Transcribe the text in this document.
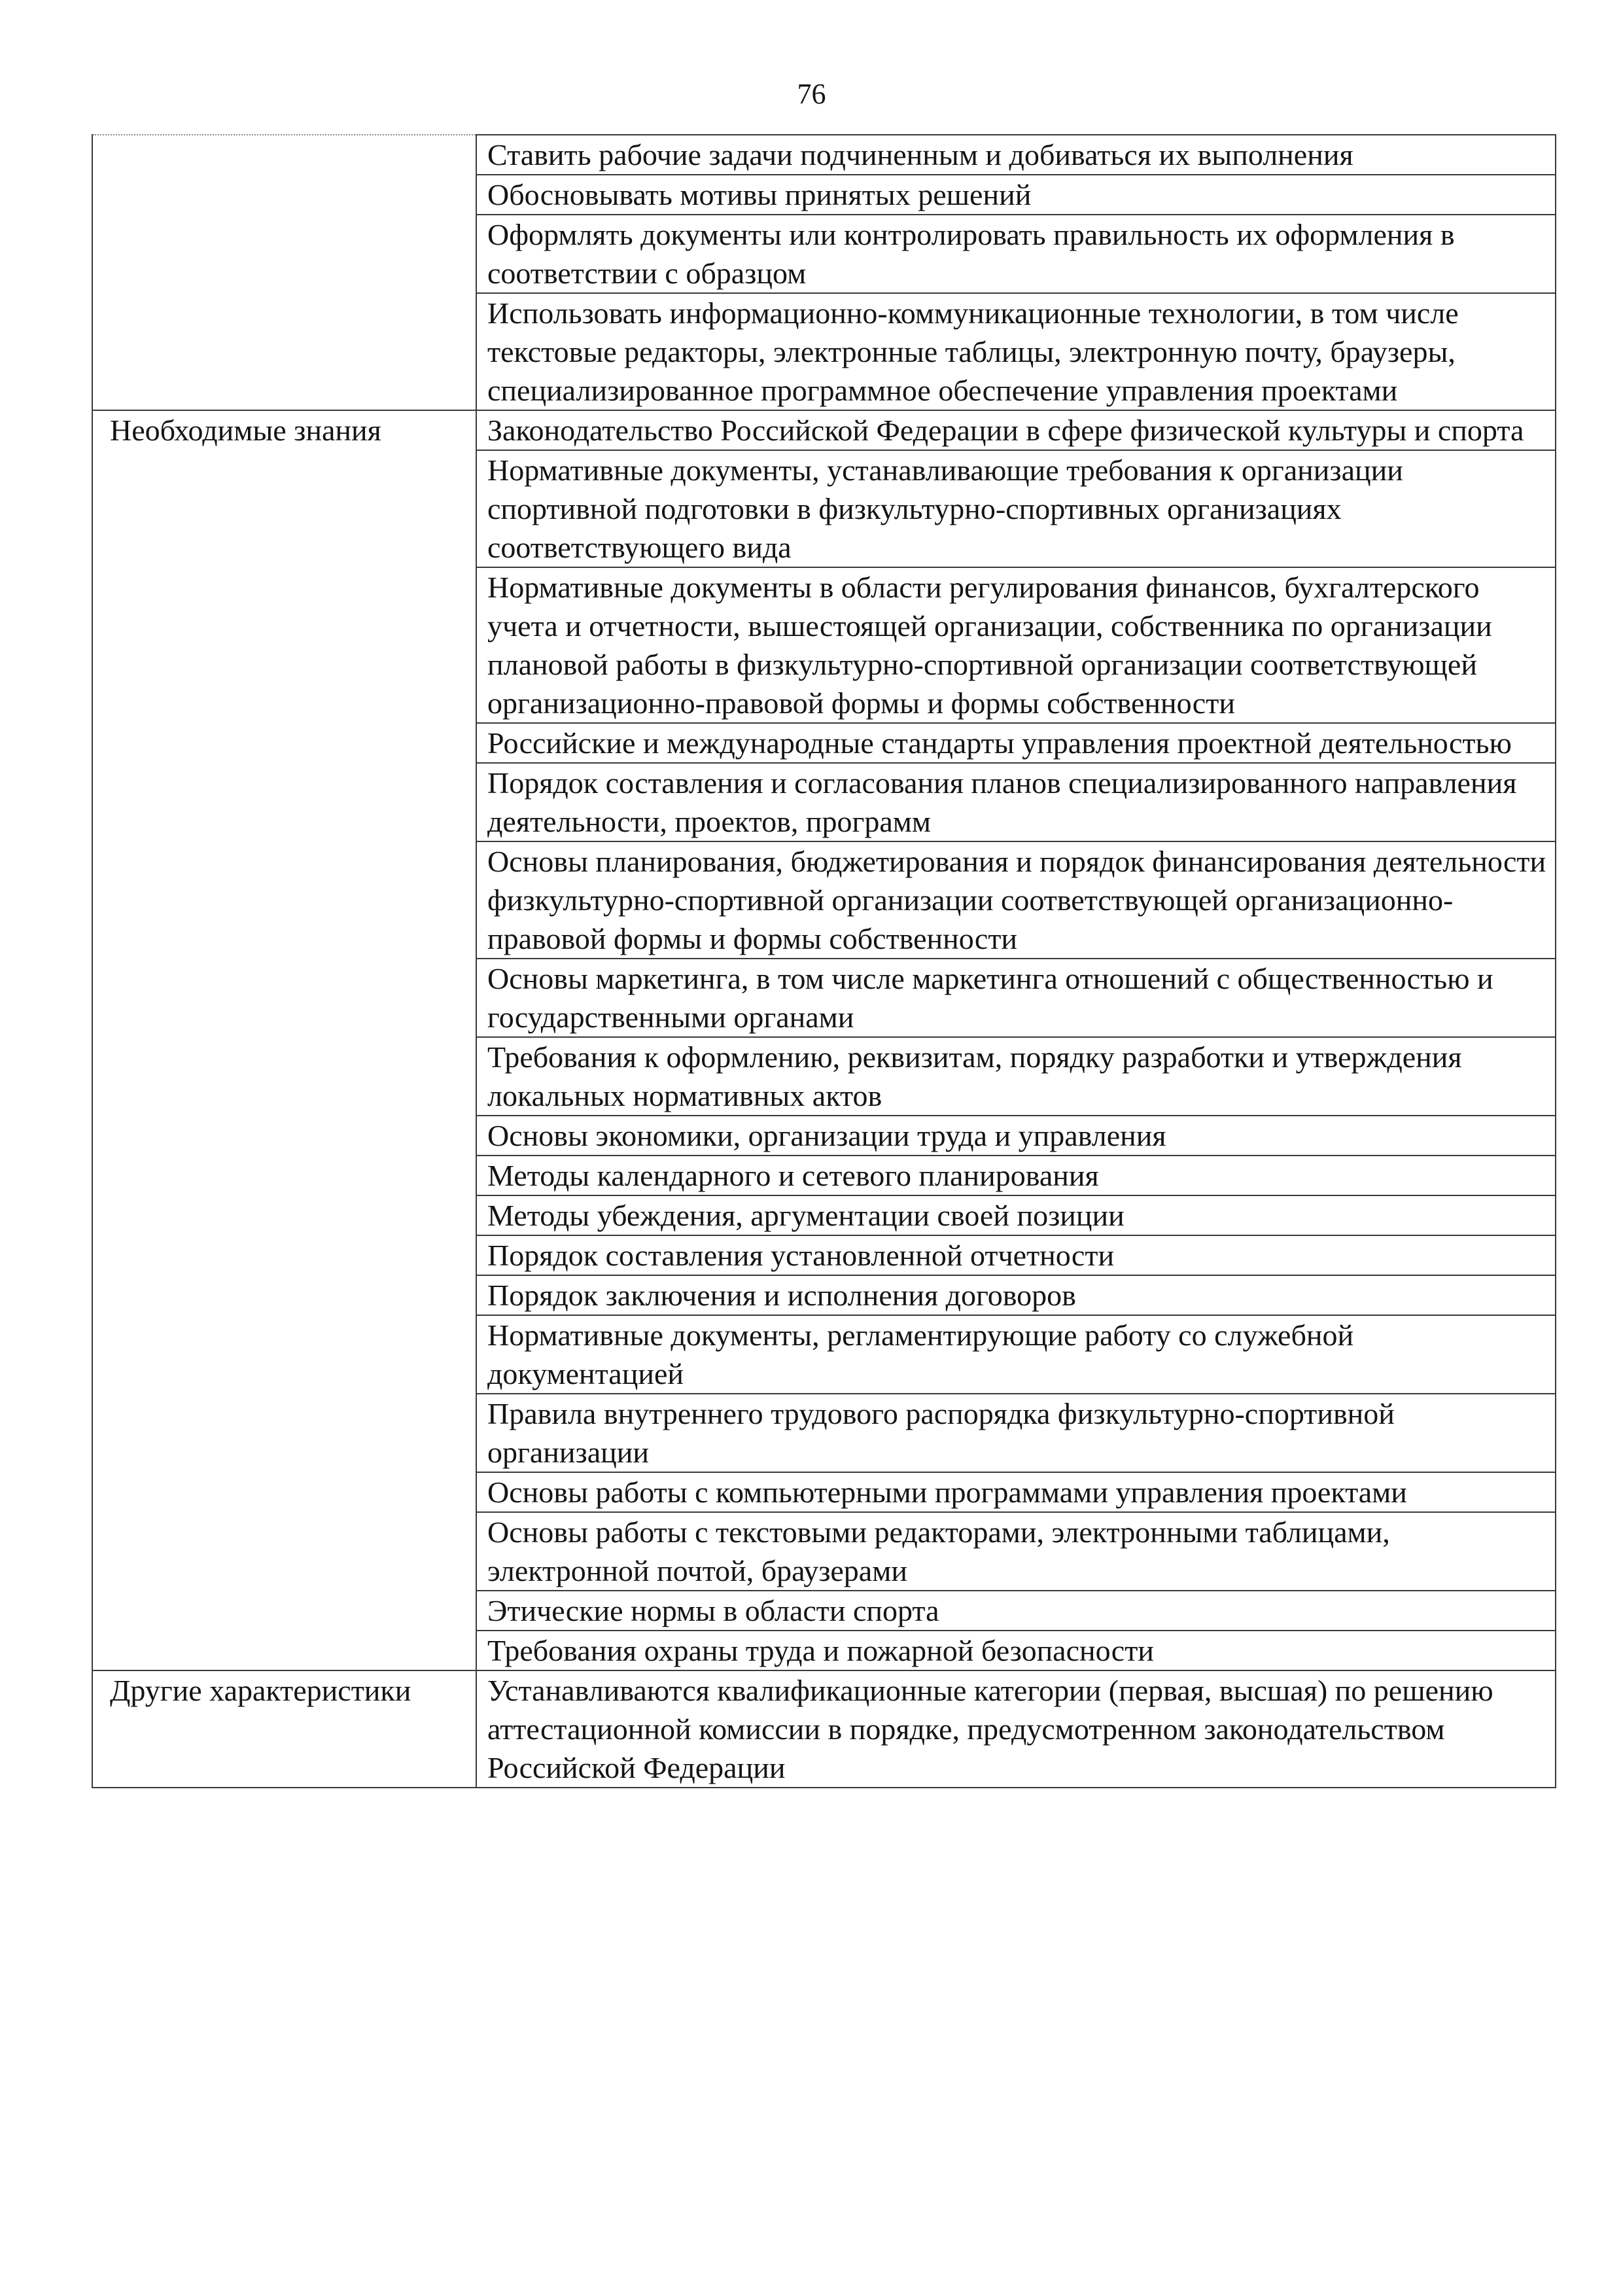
76
	Ставить рабочие задачи подчиненным и добиваться их выполнения
	Обосновывать мотивы принятых решений
	Оформлять документы или контролировать правильность их оформления в соответствии с образцом
	Использовать информационно-коммуникационные технологии, в том числе текстовые редакторы, электронные таблицы, электронную почту, браузеры, специализированное программное обеспечение управления проектами
Необходимые знания	Законодательство Российской Федерации в сфере физической культуры и спорта
	Нормативные документы, устанавливающие требования к организации спортивной подготовки в физкультурно-спортивных организациях соответствующего вида
	Нормативные документы в области регулирования финансов, бухгалтерского учета и отчетности, вышестоящей организации, собственника по организации плановой работы в физкультурно-спортивной организации соответствующей организационно-правовой формы и формы собственности
	Российские и международные стандарты управления проектной деятельностью
	Порядок составления и согласования планов специализированного направления деятельности, проектов, программ
	Основы планирования, бюджетирования и порядок финансирования деятельности физкультурно-спортивной организации соответствующей организационно-правовой формы и формы собственности
	Основы маркетинга, в том числе маркетинга отношений с общественностью и государственными органами
	Требования к оформлению, реквизитам, порядку разработки и утверждения локальных нормативных актов
	Основы экономики, организации труда и управления
	Методы календарного и сетевого планирования
	Методы убеждения, аргументации своей позиции
	Порядок составления установленной отчетности
	Порядок заключения и исполнения договоров
	Нормативные документы, регламентирующие работу со служебной документацией
	Правила внутреннего трудового распорядка физкультурно-спортивной организации
	Основы работы с компьютерными программами управления проектами
	Основы работы с текстовыми редакторами, электронными таблицами, электронной почтой, браузерами
	Этические нормы в области спорта
	Требования охраны труда и пожарной безопасности
Другие характеристики	Устанавливаются квалификационные категории (первая, высшая) по решению аттестационной комиссии в порядке, предусмотренном законодательством Российской Федерации
